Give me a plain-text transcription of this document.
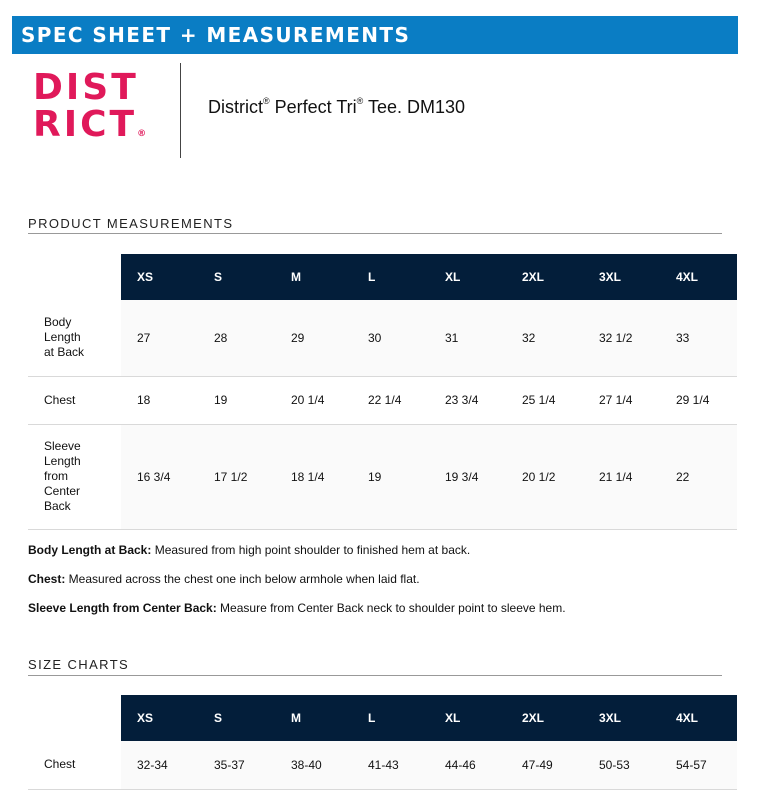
SPEC SHEET + MEASUREMENTS
DIST
RICT®
District® Perfect Tri® Tee. DM130
PRODUCT MEASUREMENTS
	XS	S	M	L	XL	2XL	3XL	4XL
Body Length at Back	27	28	29	30	31	32	32 1/2	33
Chest	18	19	20 1/4	22 1/4	23 3/4	25 1/4	27 1/4	29 1/4
Sleeve Length from Center Back	16 3/4	17 1/2	18 1/4	19	19 3/4	20 1/2	21 1/4	22
Body Length at Back: Measured from high point shoulder to finished hem at back.
Chest: Measured across the chest one inch below armhole when laid flat.
Sleeve Length from Center Back: Measure from Center Back neck to shoulder point to sleeve hem.
SIZE CHARTS
	XS	S	M	L	XL	2XL	3XL	4XL
Chest	32-34	35-37	38-40	41-43	44-46	47-49	50-53	54-57
